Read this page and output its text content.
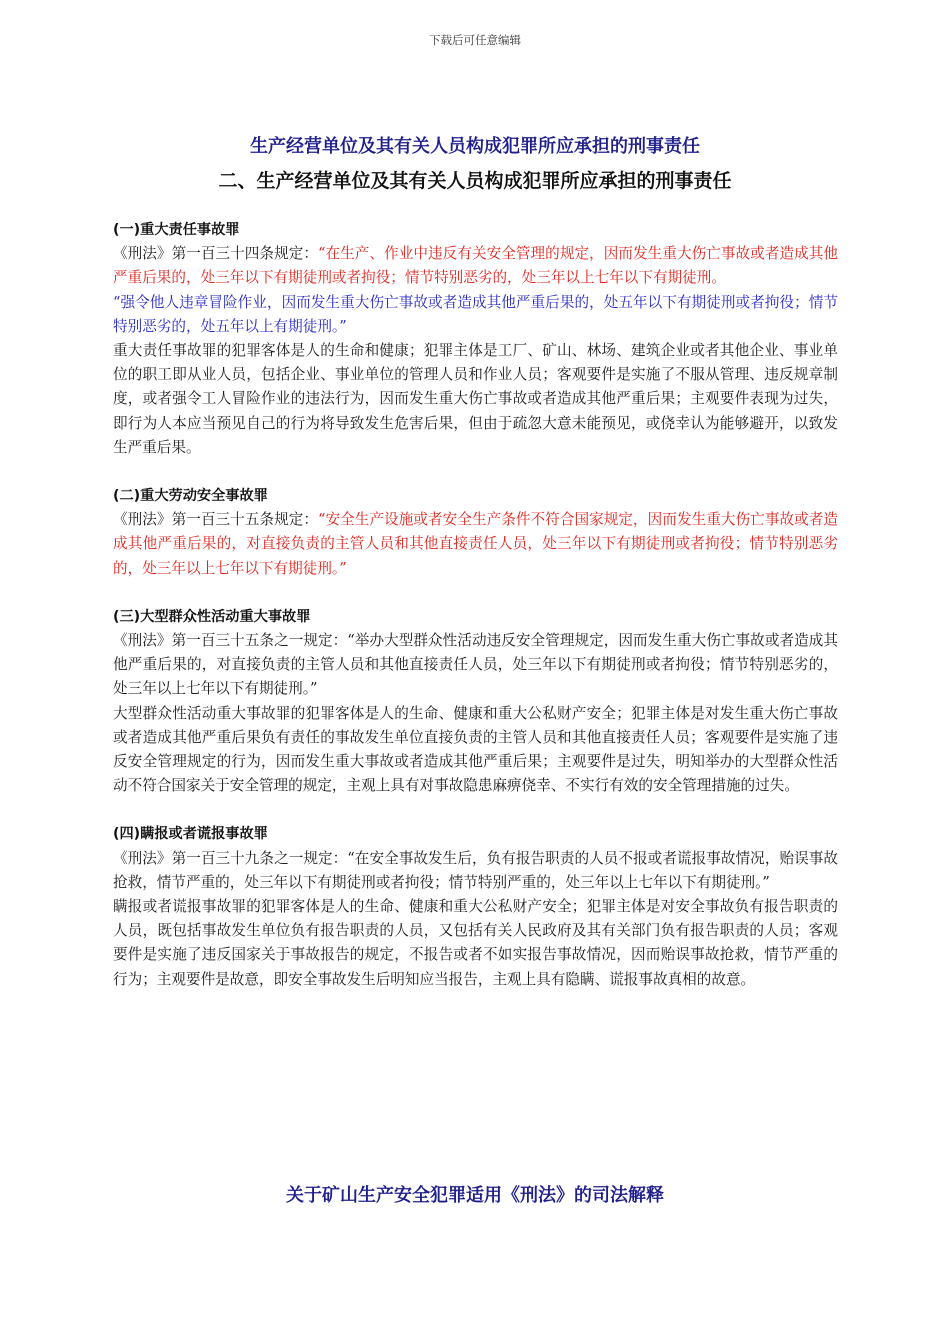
下载后可任意编辑
生产经营单位及其有关人员构成犯罪所应承担的刑事责任
二、生产经营单位及其有关人员构成犯罪所应承担的刑事责任
(一)重大责任事故罪

《刑法》第一百三十四条规定：“在生产、作业中违反有关安全管理的规定，因而发生重大伤亡事故或者造成其他严重后果的，处三年以下有期徒刑或者拘役；情节特别恶劣的，处三年以上七年以下有期徒刑。

“强令他人违章冒险作业，因而发生重大伤亡事故或者造成其他严重后果的，处五年以下有期徒刑或者拘役；情节特别恶劣的，处五年以上有期徒刑。”

重大责任事故罪的犯罪客体是人的生命和健康；犯罪主体是工厂、矿山、林场、建筑企业或者其他企业、事业单位的职工即从业人员，包括企业、事业单位的管理人员和作业人员；客观要件是实施了不服从管理、违反规章制度，或者强令工人冒险作业的违法行为，因而发生重大伤亡事故或者造成其他严重后果；主观要件表现为过失，即行为人本应当预见自己的行为将导致发生危害后果，但由于疏忽大意未能预见，或侥幸认为能够避开，以致发生严重后果。

(二)重大劳动安全事故罪

《刑法》第一百三十五条规定：“安全生产设施或者安全生产条件不符合国家规定，因而发生重大伤亡事故或者造成其他严重后果的，对直接负责的主管人员和其他直接责任人员，处三年以下有期徒刑或者拘役；情节特别恶劣的，处三年以上七年以下有期徒刑。”

(三)大型群众性活动重大事故罪

《刑法》第一百三十五条之一规定：“举办大型群众性活动违反安全管理规定，因而发生重大伤亡事故或者造成其他严重后果的，对直接负责的主管人员和其他直接责任人员，处三年以下有期徒刑或者拘役；情节特别恶劣的，处三年以上七年以下有期徒刑。”

大型群众性活动重大事故罪的犯罪客体是人的生命、健康和重大公私财产安全；犯罪主体是对发生重大伤亡事故或者造成其他严重后果负有责任的事故发生单位直接负责的主管人员和其他直接责任人员；客观要件是实施了违反安全管理规定的行为，因而发生重大事故或者造成其他严重后果；主观要件是过失，明知举办的大型群众性活动不符合国家关于安全管理的规定，主观上具有对事故隐患麻痹侥幸、不实行有效的安全管理措施的过失。

(四)瞒报或者谎报事故罪

《刑法》第一百三十九条之一规定：“在安全事故发生后，负有报告职责的人员不报或者谎报事故情况，贻误事故抢救，情节严重的，处三年以下有期徒刑或者拘役；情节特别严重的，处三年以上七年以下有期徒刑。”

瞒报或者谎报事故罪的犯罪客体是人的生命、健康和重大公私财产安全；犯罪主体是对安全事故负有报告职责的人员，既包括事故发生单位负有报告职责的人员，又包括有关人民政府及其有关部门负有报告职责的人员；客观要件是实施了违反国家关于事故报告的规定，不报告或者不如实报告事故情况，因而贻误事故抢救，情节严重的行为；主观要件是故意，即安全事故发生后明知应当报告，主观上具有隐瞒、谎报事故真相的故意。

关于矿山生产安全犯罪适用《刑法》的司法解释
